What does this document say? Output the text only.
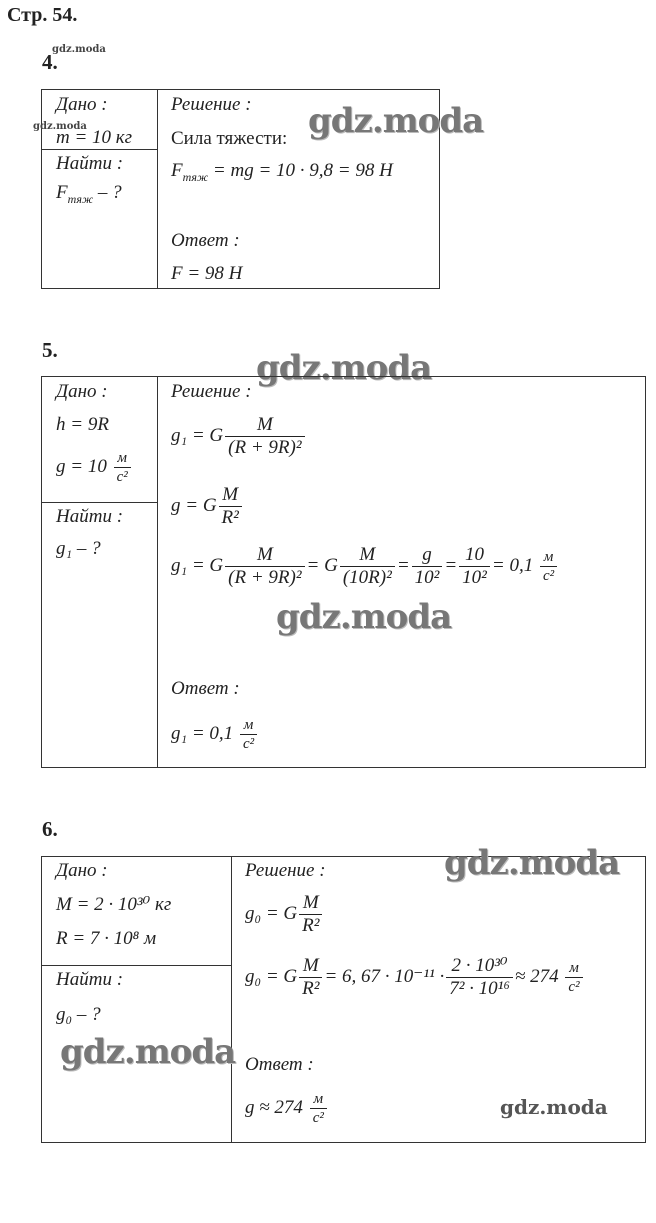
Стр. 54.
4.
gdz.moda
Дано :
gdz.moda
m = 10 кг
Найти :
$F_{тяж}$ – ?
Решение :
Сила тяжести:
$F_{тяж}$ = mg = 10 · 9,8 = 98 Н
Ответ :
F = 98 Н
gdz.moda
5.	gdz.moda
Дано :
h = 9R
$g = 10 \frac{м}{\text{с²}}$
Найти :
g₁ – ?
Решение :
g₁ = G $\frac{M}{\text{(R + 9R)²}}$
g = G $\frac{M}{\text{R²}}$
g₁ = G $\frac{M}{\text{(R + 9R)²}} = G \frac{M}{\text{(10R)²}} = \frac{g}{\text{10²}} = \frac{10}{\text{10²}} = 0,1 \frac{м}{\text{с²}}$
gdz.moda
Ответ :
$g_1 = 0,1 \frac{м}{\text{с²}}$
6.
Дано :
M = 2 · 10³⁰ кг
R = 7 · 10⁸ м
Найти :
g₀ – ?
gdz.moda
Решение :	gdz.moda
g₀ = G $\frac{M}{\text{R²}}$
g₀ = G $\frac{M}{\text{R²}} = 6$, $67 \cdot 10^{-11} \cdot \frac{\text{2 · 10³⁰}}{\text{7² · 10¹⁶}} \approx 274 \frac{м}{\text{с²}}$
Ответ :
$g \approx 274 \frac{м}{\text{с²}}$	gdz.moda
